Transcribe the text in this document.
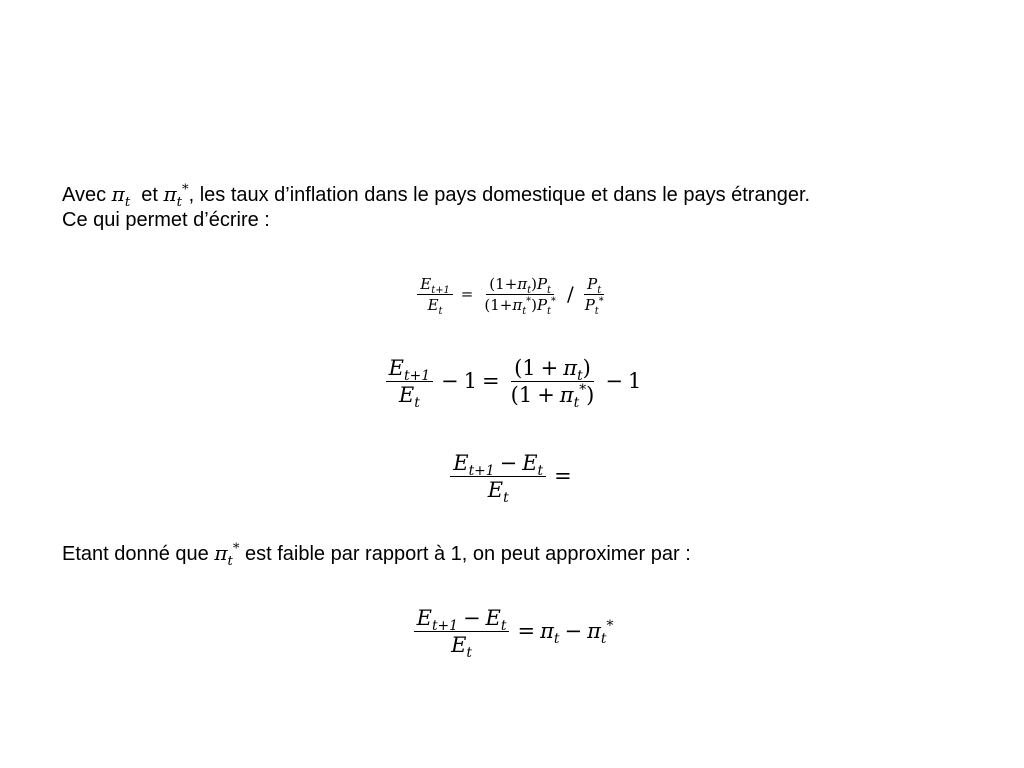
Avec $\pi_t$ et $\pi_t^*$, les taux d’inflation dans le pays domestique et dans le pays étranger.
Ce qui permet d’écrire :
$\frac{E_{t+1}}{E_t} = \frac{(1+\pi_t)P_t}{(1+\pi_t^*)P_t^*} / \frac{P_t}{P_t^*}$
$\frac{E_{t+1}}{E_t} - 1 = \frac{(1 + \pi_t)}{(1 + \pi_t^*)} - 1$
$\frac{E_{t+1} - E_t}{E_t}$ =
Etant donné que $\pi_t^*$ est faible par rapport à 1, on peut approximer par :
$\frac{E_{t+1} - E_t}{E_t} = \pi_t - \pi_t^*$
